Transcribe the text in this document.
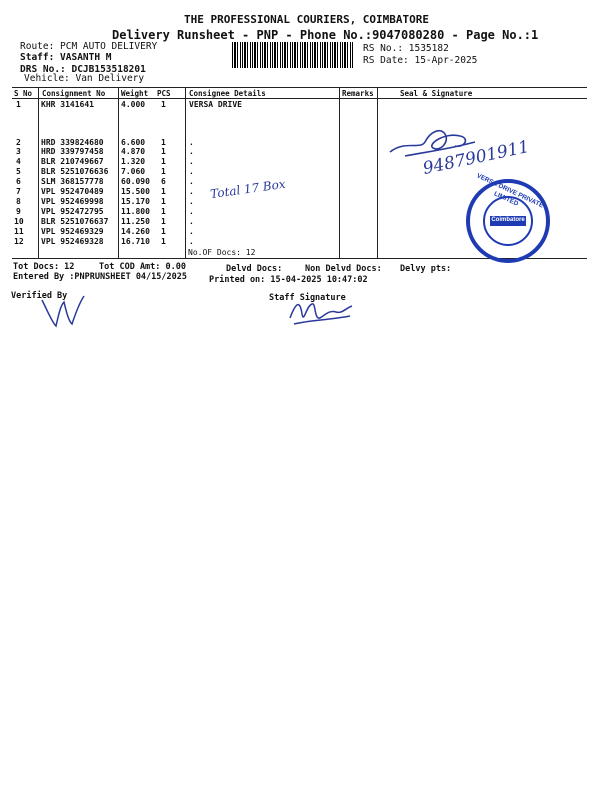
THE PROFESSIONAL COURIERS, COIMBATORE
Delivery Runsheet - PNP - Phone No.:9047080280 - Page No.:1
Route: PCM AUTO DELIVERY
Staff: VASANTH M
DRS No.: DCJB153518201
Vehicle: Van Delivery
RS No.: 1535182
RS Date: 15-Apr-2025
S No Consignment No Weight PCS Consignee Details	Remarks	Seal & Signature
1	KHR 3141641	4.000 1	VERSA DRIVE
2	HRD 339824680 6.600 1	.
3	HRD 339797458 4.870 1	.
4	BLR 210749667 1.320 1	.
5	BLR 5251076636 7.060 1	.
6	SLM 368157778 60.090 6	.
7	VPL 952470489 15.500 1	.
8	VPL 952469998 15.170 1	.
9	VPL 952472795 11.800 1	.
10 BLR 5251076637 11.250 1	.
11 VPL 952469329 14.260 1	.
12 VPL 952469328 16.710 1	.
No.OF Docs: 12
Total 17 Box
9487901911
VERSA DRIVE PRIVATE LIMITED
Coimbatore
Tot Docs: 12	Tot COD Amt: 0.00	Delvd Docs:	Non Delvd Docs: Delvy pts:
Entered By :PNPRUNSHEET 04/15/2025	Printed on: 15-04-2025 10:47:02
Verified By	Staff Signature
